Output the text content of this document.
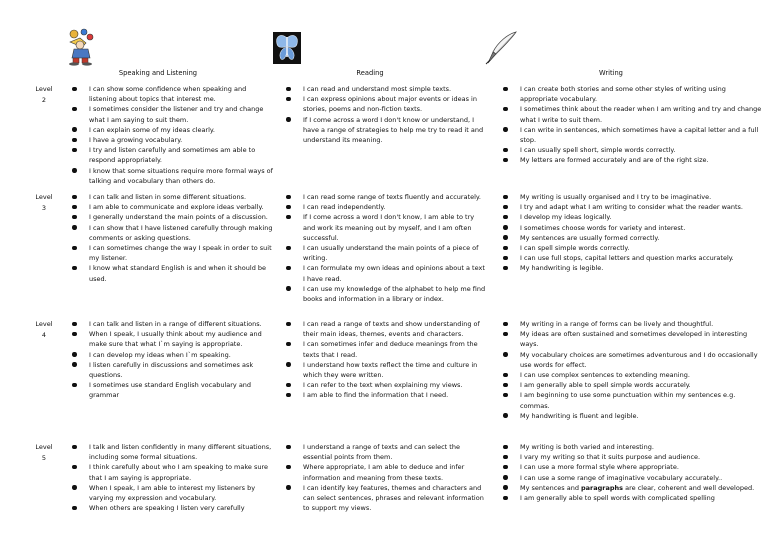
Speaking and Listening	Reading	Writing
Level
2
I can show some confidence when speaking and listening about topics that interest me.
I sometimes consider the listener and try and change what I am saying to suit them.
I can explain some of my ideas clearly.
I have a growing vocabulary.
I try and listen carefully and sometimes am able to respond appropriately.
I know that some situations require more formal ways of talking and vocabulary than others do.
I can read and understand most simple texts.
I can express opinions about major events or ideas in stories, poems and non-fiction texts.
If I come across a word I don't know or understand, I have a range of strategies to help me try to read it and understand its meaning.
I can create both stories and some other styles of writing using appropriate vocabulary.
I sometimes think about the reader when I am writing and try and change what I write to suit them.
I can write in sentences, which sometimes have a capital letter and a full stop.
I can usually spell short, simple words correctly.
My letters are formed accurately and are of the right size.
Level
3
I can talk and listen in some different situations.
I am able to communicate and explore ideas verbally.
I generally understand the main points of a discussion.
I can show that I have listened carefully through making comments or asking questions.
I can sometimes change the way I speak in order to suit my listener.
I know what standard English is and when it should be used.
I can read some range of texts fluently and accurately.
I can read independently.
If I come across a word I don't know, I am able to try and work its meaning out by myself, and I am often successful.
I can usually understand the main points of a piece of writing.
I can formulate my own ideas and opinions about a text I have read.
I can use my knowledge of the alphabet to help me find books and information in a library or index.
My writing is usually organised and I try to be imaginative.
I try and adapt what I am writing to consider what the reader wants.
I develop my ideas logically.
I sometimes choose words for variety and interest.
My sentences are usually formed correctly.
I can spell simple words correctly.
I can use full stops, capital letters and question marks accurately.
My handwriting is legible.
Level
4
I can talk and listen in a range of different situations.
When I speak, I usually think about my audience and make sure that what I`m saying is appropriate.
I can develop my ideas when I`m speaking.
I listen carefully in discussions and sometimes ask questions.
I sometimes use standard English vocabulary and grammar
I can read a range of texts and show understanding of their main ideas, themes, events and characters.
I can sometimes infer and deduce meanings from the texts that I read.
I understand how texts reflect the time and culture in which they were written.
I can refer to the text when explaining my views.
I am able to find the information that I need.
My writing in a range of forms can be lively and thoughtful.
My ideas are often sustained and sometimes developed in interesting ways.
My vocabulary choices are sometimes adventurous and I do occasionally use words for effect.
I can use complex sentences to extending meaning.
I am generally able to spell simple words accurately.
I am beginning to use some punctuation within my sentences e.g. commas.
My handwriting is fluent and legible.
Level
5
I talk and listen confidently in many different situations, including some formal situations.
I think carefully about who I am speaking to make sure that I am saying is appropriate.
When I speak, I am able to interest my listeners by varying my expression and vocabulary.
When others are speaking I listen very carefully
I understand a range of texts and can select the essential points from them.
Where appropriate, I am able to deduce and infer information and meaning from these texts.
I can identify key features, themes and characters and can select sentences, phrases and relevant information to support my views.
My writing is both varied and interesting.
I vary my writing so that it suits purpose and audience.
I can use a more formal style where appropriate.
I can use a some range of imaginative vocabulary accurately..
My sentences and paragraphs are clear, coherent and well developed.
I am generally able to spell words with complicated spelling
